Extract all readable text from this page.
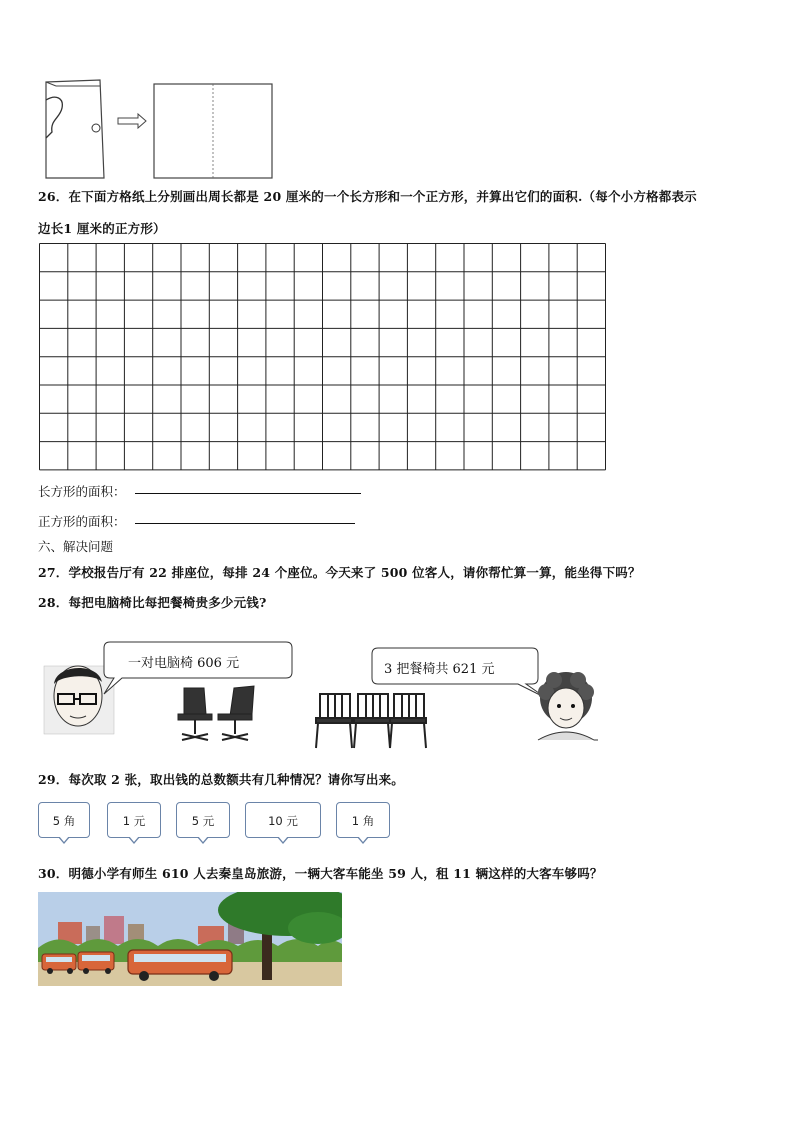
26．在下面方格纸上分别画出周长都是 20 厘米的一个长方形和一个正方形，并算出它们的面积.（每个小方格都表示
边长1 厘米的正方形）
长方形的面积：
正方形的面积：
六、解决问题
27．学校报告厅有 22 排座位，每排 24 个座位。今天来了 500 位客人，请你帮忙算一算，能坐得下吗？
28．每把电脑椅比每把餐椅贵多少元钱?
一对电脑椅 606 元	3 把餐椅共 621 元
29．每次取 2 张，取出钱的总数额共有几种情况？请你写出来。
5 角	1 元	5 元	10 元	1 角
30．明德小学有师生 610 人去秦皇岛旅游，一辆大客车能坐 59 人，租 11 辆这样的大客车够吗？
